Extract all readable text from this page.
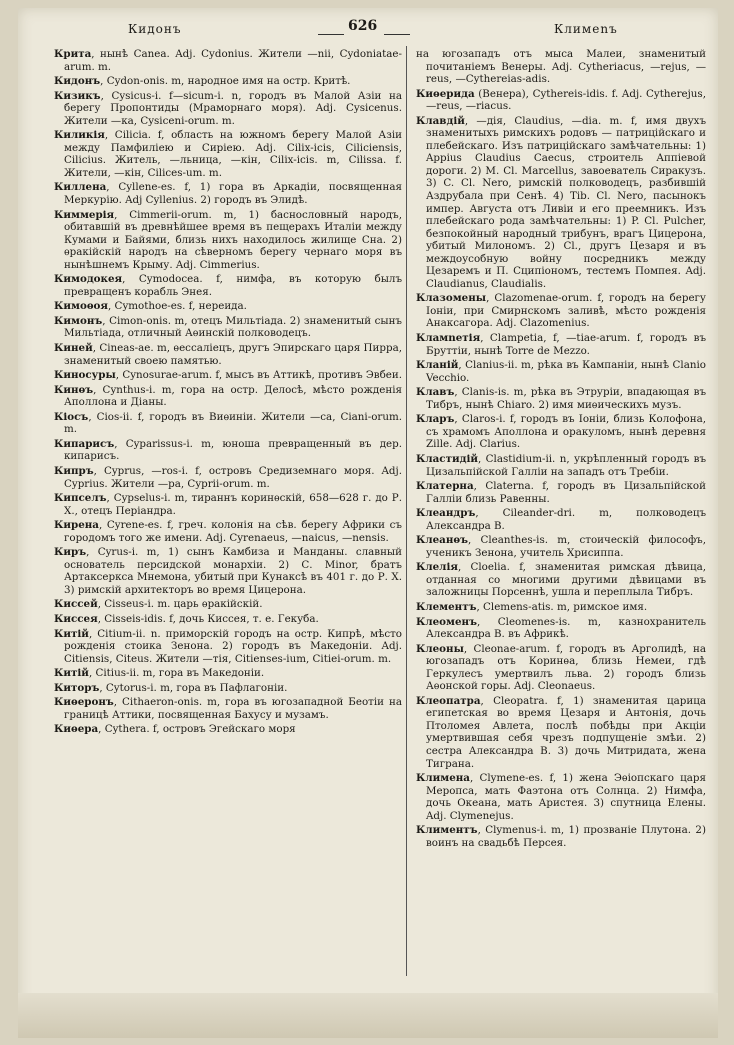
Кидонъ	626	Климеnъ

Крита, нынѣ Canea. Adj. Cydonius. Жители —nii, Cydoniatae-arum. m.

Кидонъ, Cydon-onis. m, народное имя на остр. Критѣ.

Кизикъ, Cysicus-i. f—sicum-i. n, городъ въ Малой Азіи на берегу Пропонтиды (Мраморнаго моря). Adj. Cysicenus. Жители —ка, Cysiceni-orum. m.

Киликія, Cilicia. f, область на южномъ берегу Малой Азіи между Памфиліею и Сиріею. Adj. Cilix-icis, Ciliciensis, Cilicius. Житель, —льница, —кін, Cilix-icis. m, Cilissa. f. Жители, —кін, Cilices-um. m.

Киллена, Cyllene-es. f, 1) гора въ Аркадіи, посвященная Меркурію. Adj Cyllenius. 2) городъ въ Элидѣ.

Киммерія, Cimmerii-orum. m, 1) баснословный народъ, обитавшій въ древнѣйшее время въ пещерахъ Италіи между Кумами и Байями, близь нихъ находилось жилище Сна. 2) ѳракійскій народъ на сѣверномъ берегу чернаго моря въ нынѣшнемъ Крыму. Adj. Cimmerius.

Кимодокея, Cymodocea. f, нимфа, въ которую былъ превращенъ корабль Энея.

Кимоѳоя, Cymothoe-es. f, нереида.

Кимонъ, Cimon-onis. m, отецъ Мильтіада. 2) знаменитый сынъ Мильтіада, отличный Аѳинскій полководецъ.

Киней, Cineas-ae. m, ѳессаліецъ, другъ Эпирскаго царя Пирра, знаменитый своею памятью.

Киносуры, Cynosurae-arum. f, мысъ въ Аттикѣ, противъ Эвбеи.

Кинѳъ, Cynthus-i. m, гора на остр. Делосѣ, мѣсто рожденія Аполлона и Діаны.

Кіосъ, Cios-ii. f, городъ въ Виѳиніи. Жители —са, Ciani-orum. m.

Кипарисъ, Cyparissus-i. m, юноша превращенный въ дер. кипарисъ.

Кипръ, Cyprus, —ros-i. f, островъ Средиземнаго моря. Adj. Cyprius. Жители —ра, Cyprii-orum. m.

Кипселъ, Cypselus-i. m, тираннъ коринѳскій, 658—628 г. до Р. Х., отецъ Періандра.

Кирена, Cyrene-es. f, греч. колонія на сѣв. берегу Африки съ городомъ того же имени. Adj. Cyrenaeus, —naicus, —nensis.

Киръ, Cyrus-i. m, 1) сынъ Камбиза и Манданы. славный основатель персидской монархіи. 2) С. Minor, братъ Артаксеркса Мнемона, убитый при Кунаксѣ въ 401 г. до Р. Х. 3) римскій архитекторъ во время Цицерона.

Киссей, Cisseus-i. m. царь ѳракійскій.

Киссея, Cisseis-idis. f, дочь Киссея, т. е. Гекуба.

Китій, Citium-ii. n. приморскій городъ на остр. Кипрѣ, мѣсто рожденія стоика Зенона. 2) городъ въ Македоніи. Adj. Citiensis, Citeus. Жители —тія, Citienses-ium, Citiei-orum. m.

Китій, Citius-ii. m, гора въ Македоніи.

Киторъ, Cytorus-i. m, гора въ Пафлагоніи.

Киѳеронъ, Cithaeron-onis. m, гора въ югозападной Беотіи на границѣ Аттики, посвященная Бахусу и музамъ.

Киѳера, Cythera. f, островъ Эгейскаго моря

на югозападъ отъ мыса Малеи, знаменитый почитаніемъ Венеры. Adj. Cytheriacus, —rejus, —reus, —Cythereias-adis.

Киѳерида (Венера), Cythereis-idis. f. Adj. Cytherejus, —reus, —riacus.

Клавдій, —дія, Claudius, —dia. m. f, имя двухъ знаменитыхъ римскихъ родовъ — патриційскаго и плебейскаго. Изъ патриційскаго замѣчательны: 1) Appius Claudius Caecus, строитель Аппіевой дороги. 2) M. Cl. Marcellus, завоеватель Сиракузъ. 3) C. Cl. Nero, римскій полководецъ, разбившій Аздрубала при Сенѣ. 4) Tib. Cl. Nero, пасынокъ импер. Августа отъ Ливіи и его преемникъ. Изъ плебейскаго рода замѣчательны: 1) P. Cl. Pulcher, безпокойный народный трибунъ, врагъ Цицерона, убитый Милономъ. 2) Cl., другъ Цезаря и въ междоусобную войну посредникъ между Цезаремъ и П. Сципіономъ, тестемъ Помпея. Adj. Claudianus, Claudialis.

Клазомены, Clazomenae-orum. f, городъ на берегу Іоніи, при Смирнскомъ заливѣ, мѣсто рожденія Анаксагора. Adj. Clazomenius.

Кламnетія, Clampetia, f, —tiae-arum. f, городъ въ Бруттіи, нынѣ Torre de Mezzo.

Кланій, Clanius-ii. m, рѣка въ Кампаніи, нынѣ Clanio Vecchio.

Клавъ, Clanis-is. m, рѣка въ Этруріи, впадающая въ Тибръ, нынѣ Chiaro. 2) имя миѳическихъ музъ.

Кларъ, Claros-i. f, городъ въ Іоніи, близь Колофона, съ храмомъ Аполлона и оракуломъ, нынѣ деревня Zille. Adj. Clarius.

Кластидій, Clastidium-ii. n, укрѣпленный городъ въ Цизальпійской Галліи на западъ отъ Требіи.

Клатерна, Claterna. f, городъ въ Цизальпійской Галліи близь Равенны.

Клеандръ, Cileander-dri. m, полководецъ Александра В.

Клеанѳъ, Cleanthes-is. m, стоическій философъ, ученикъ Зенона, учитель Хрисиппа.

Клелія, Clоelia. f, знаменитая римская дѣвица, отданная со многими другими дѣвицами въ заложницы Порсеннѣ, ушла и переплыла Тибръ.

Клементъ, Clemens-atis. m, римское имя.

Клеоменъ, Cleomenes-is. m, казнохранитель Александра В. въ Африкѣ.

Клеоны, Cleonae-arum. f, городъ въ Арголидѣ, на югозападъ отъ Коринѳа, близь Немеи, гдѣ Геркулесъ умертвилъ льва. 2) городъ близь Аѳонской горы. Adj. Cleonaeus.

Клеопатра, Cleopatra. f, 1) знаменитая царица египетская во время Цезаря и Антонія, дочь Птоломея Авлета, послѣ побѣды при Акціи умертвившая себя чрезъ подпущеніе змѣи. 2) сестра Александра В. 3) дочь Митридата, жена Тиграна.

Климена, Clymene-es. f, 1) жена Эѳіопскаго царя Меропса, мать Фаэтона отъ Солнца. 2) Нимфа, дочь Океана, мать Аристея. 3) спутница Елены. Adj. Clymenejus.

Климентъ, Clymenus-i. m, 1) прозваніе Плутона. 2) воинъ на свадьбѣ Персея.
